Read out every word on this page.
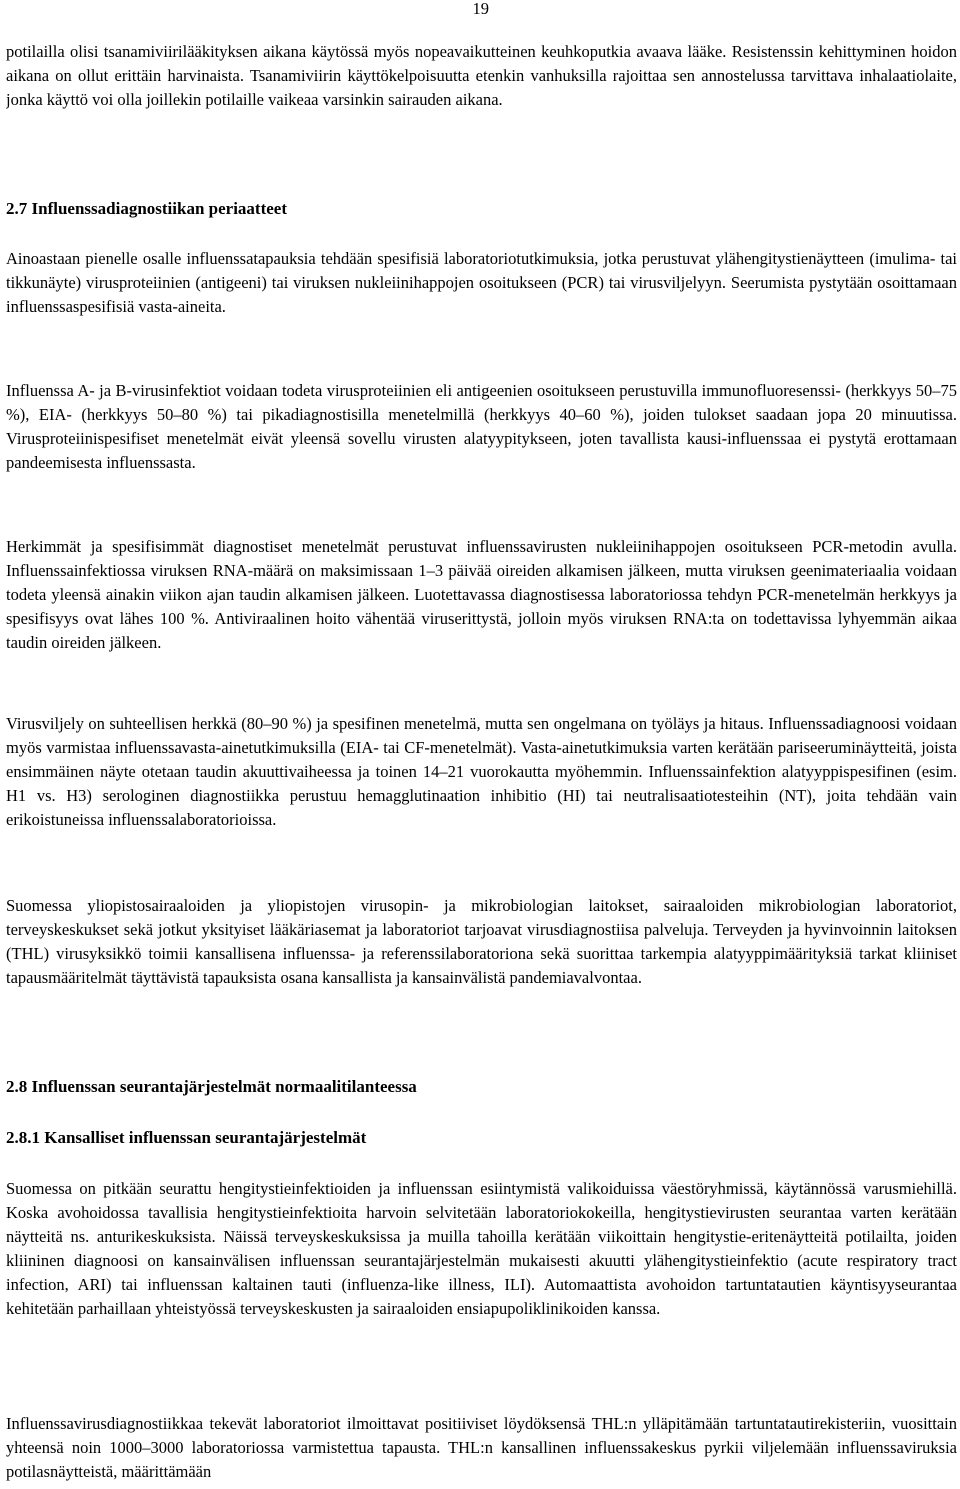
19

potilailla olisi tsanamiviirilääkityksen aikana käytössä myös nopeavaikutteinen keuhkoputkia avaava lääke. Resistenssin kehittyminen hoidon aikana on ollut erittäin harvinaista. Tsanamiviirin käyttökelpoisuutta etenkin vanhuksilla rajoittaa sen annostelussa tarvittava inhalaatiolaite, jonka käyttö voi olla joillekin potilaille vaikeaa varsinkin sairauden aikana.

2.7 Influenssadiagnostiikan periaatteet

Ainoastaan pienelle osalle influenssatapauksia tehdään spesifisiä laboratoriotutkimuksia, jotka perustuvat ylähengitystienäytteen (imulima- tai tikkunäyte) virusproteiinien (antigeeni) tai viruksen nukleiinihappojen osoitukseen (PCR) tai virusviljelyyn. Seerumista pystytään osoittamaan influenssaspesifisiä vasta-aineita.

Influenssa A- ja B-virusinfektiot voidaan todeta virusproteiinien eli antigeenien osoitukseen perustuvilla immunofluoresenssi- (herkkyys 50–75 %), EIA- (herkkyys 50–80 %) tai pikadiagnostisilla menetelmillä (herkkyys 40–60 %), joiden tulokset saadaan jopa 20 minuutissa. Virusproteiinispesifiset menetelmät eivät yleensä sovellu virusten alatyypitykseen, joten tavallista kausi-influenssaa ei pystytä erottamaan pandeemisesta influenssasta.

Herkimmät ja spesifisimmät diagnostiset menetelmät perustuvat influenssavirusten nukleiinihappojen osoitukseen PCR-metodin avulla. Influenssainfektiossa viruksen RNA-määrä on maksimissaan 1–3 päivää oireiden alkamisen jälkeen, mutta viruksen geenimateriaalia voidaan todeta yleensä ainakin viikon ajan taudin alkamisen jälkeen. Luotettavassa diagnostisessa laboratoriossa tehdyn PCR-menetelmän herkkyys ja spesifisyys ovat lähes 100 %. Antiviraalinen hoito vähentää viruserittystä, jolloin myös viruksen RNA:ta on todettavissa lyhyemmän aikaa taudin oireiden jälkeen.

Virusviljely on suhteellisen herkkä (80–90 %) ja spesifinen menetelmä, mutta sen ongelmana on työläys ja hitaus. Influenssadiagnoosi voidaan myös varmistaa influenssavasta-ainetutkimuksilla (EIA- tai CF-menetelmät). Vasta-ainetutkimuksia varten kerätään pariseeruminäytteitä, joista ensimmäinen näyte otetaan taudin akuuttivaiheessa ja toinen 14–21 vuorokautta myöhemmin. Influenssainfektion alatyyppispesifinen (esim. H1 vs. H3) serologinen diagnostiikka perustuu hemagglutinaation inhibitio (HI) tai neutralisaatiotesteihin (NT), joita tehdään vain erikoistuneissa influenssalaboratorioissa.

Suomessa yliopistosairaaloiden ja yliopistojen virusopin- ja mikrobiologian laitokset, sairaaloiden mikrobiologian laboratoriot, terveyskeskukset sekä jotkut yksityiset lääkäriasemat ja laboratoriot tarjoavat virusdiagnostiisa palveluja. Terveyden ja hyvinvoinnin laitoksen (THL) virusyksikkö toimii kansallisena influenssa- ja referenssilaboratoriona sekä suorittaa tarkempia alatyyppimäärityksiä tarkat kliiniset tapausmääritelmät täyttävistä tapauksista osana kansallista ja kansainvälistä pandemiavalvontaa.

2.8 Influenssan seurantajärjestelmät normaalitilanteessa
2.8.1 Kansalliset influenssan seurantajärjestelmät

Suomessa on pitkään seurattu hengitystieinfektioiden ja influenssan esiintymistä valikoiduissa väestöryhmissä, käytännössä varusmiehillä. Koska avohoidossa tavallisia hengitystieinfektioita harvoin selvitetään laboratoriokokeilla, hengitystievirusten seurantaa varten kerätään näytteitä ns. anturikeskuksista. Näissä terveyskeskuksissa ja muilla tahoilla kerätään viikoittain hengitystie-eritenäytteitä potilailta, joiden kliininen diagnoosi on kansainvälisen influenssan seurantajärjestelmän mukaisesti akuutti ylähengitystieinfektio (acute respiratory tract infection, ARI) tai influenssan kaltainen tauti (influenza-like illness, ILI). Automaattista avohoidon tartuntatautien käyntisyyseurantaa kehitetään parhaillaan yhteistyössä terveyskeskusten ja sairaaloiden ensiapupoliklinikoiden kanssa.

Influenssavirusdiagnostiikkaa tekevät laboratoriot ilmoittavat positiiviset löydöksensä THL:n ylläpitämään tartuntatautirekisteriin, vuosittain yhteensä noin 1000–3000 laboratoriossa varmistettua tapausta. THL:n kansallinen influenssakeskus pyrkii viljelemään influenssaviruksia potilasnäytteistä, määrittämään
